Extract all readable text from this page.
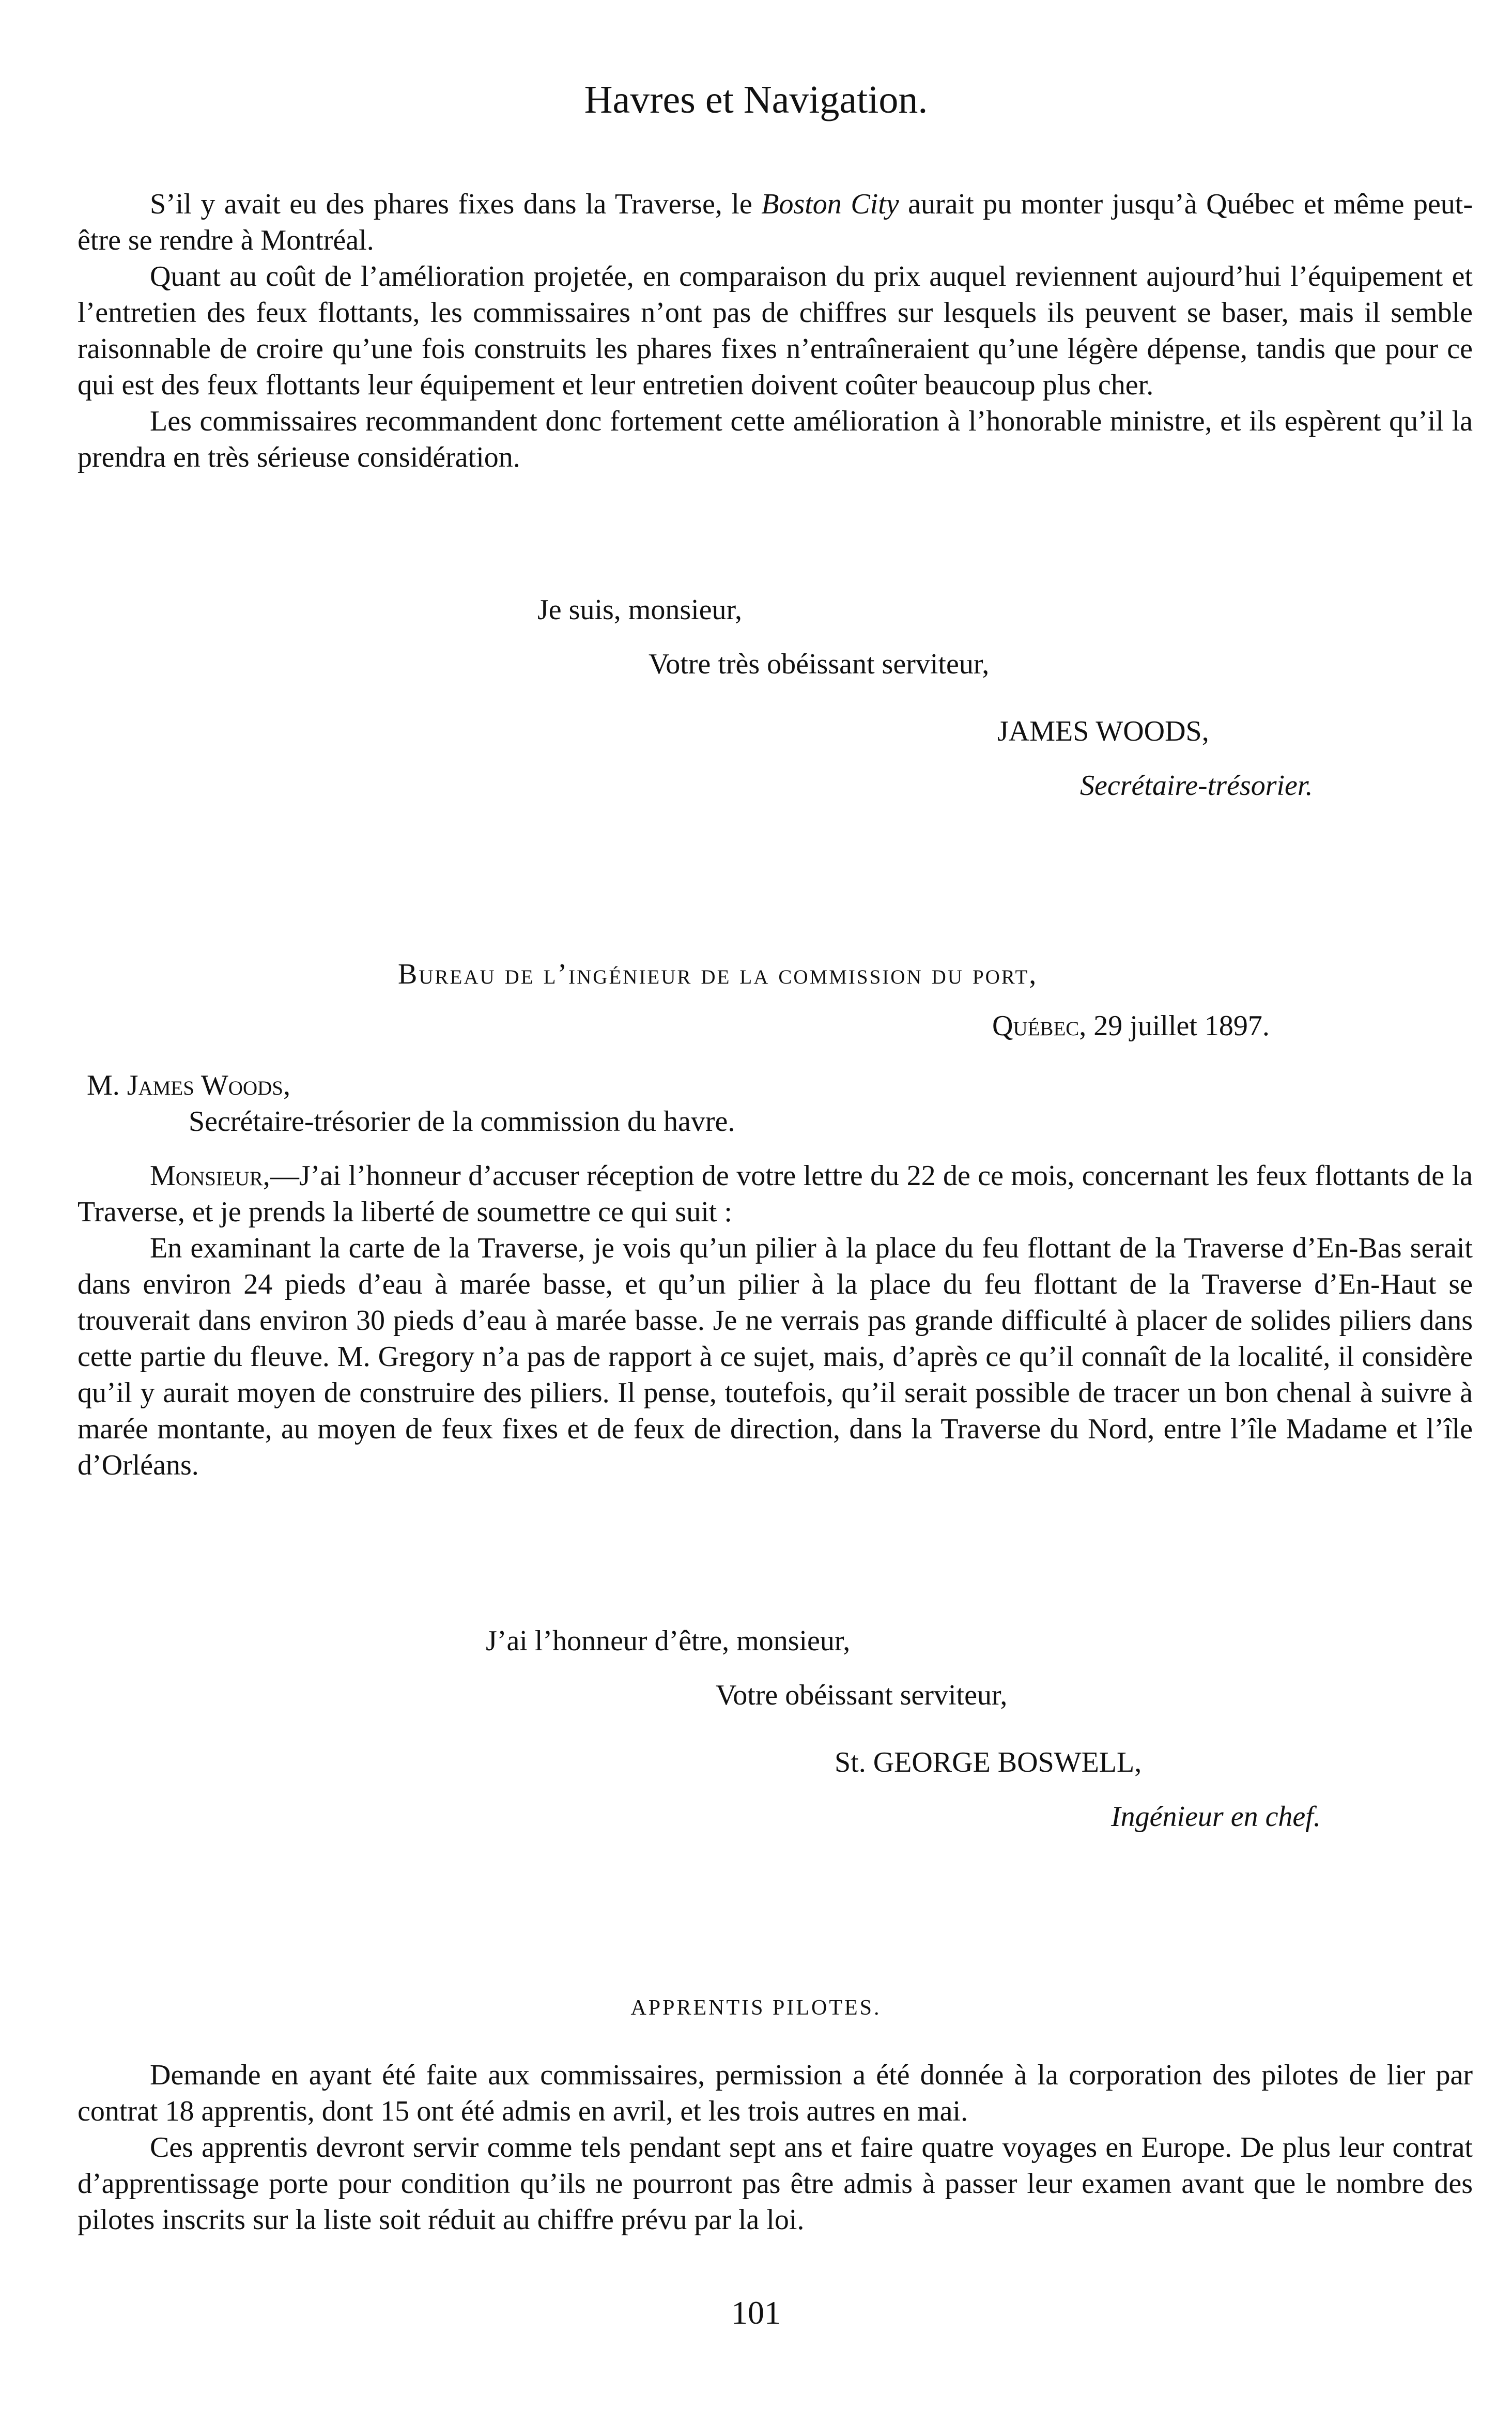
Havres et Navigation.

S’il y avait eu des phares fixes dans la Traverse, le Boston City aurait pu monter jusqu’à Québec et même peut-être se rendre à Montréal.

Quant au coût de l’amélioration projetée, en comparaison du prix auquel reviennent aujourd’hui l’équipement et l’entretien des feux flottants, les commissaires n’ont pas de chiffres sur lesquels ils peuvent se baser, mais il semble raisonnable de croire qu’une fois construits les phares fixes n’entraîneraient qu’une légère dépense, tandis que pour ce qui est des feux flottants leur équipement et leur entretien doivent coûter beaucoup plus cher.

Les commissaires recommandent donc fortement cette amélioration à l’honorable ministre, et ils espèrent qu’il la prendra en très sérieuse considération.

Je suis, monsieur,
Votre très obéissant serviteur,
JAMES WOODS,
Secrétaire-trésorier.
Bureau de l’ingénieur de la commission du port,
Québec, 29 juillet 1897.
M. James Woods,
Secrétaire-trésorier de la commission du havre.

Monsieur,—J’ai l’honneur d’accuser réception de votre lettre du 22 de ce mois, concernant les feux flottants de la Traverse, et je prends la liberté de soumettre ce qui suit :

En examinant la carte de la Traverse, je vois qu’un pilier à la place du feu flottant de la Traverse d’En-Bas serait dans environ 24 pieds d’eau à marée basse, et qu’un pilier à la place du feu flottant de la Traverse d’En-Haut se trouverait dans environ 30 pieds d’eau à marée basse. Je ne verrais pas grande difficulté à placer de solides piliers dans cette partie du fleuve. M. Gregory n’a pas de rapport à ce sujet, mais, d’après ce qu’il connaît de la localité, il considère qu’il y aurait moyen de construire des piliers. Il pense, toutefois, qu’il serait possible de tracer un bon chenal à suivre à marée montante, au moyen de feux fixes et de feux de direction, dans la Traverse du Nord, entre l’île Madame et l’île d’Orléans.

J’ai l’honneur d’être, monsieur,
Votre obéissant serviteur,
St. GEORGE BOSWELL,
Ingénieur en chef.
APPRENTIS PILOTES.

Demande en ayant été faite aux commissaires, permission a été donnée à la corporation des pilotes de lier par contrat 18 apprentis, dont 15 ont été admis en avril, et les trois autres en mai.

Ces apprentis devront servir comme tels pendant sept ans et faire quatre voyages en Europe. De plus leur contrat d’apprentissage porte pour condition qu’ils ne pourront pas être admis à passer leur examen avant que le nombre des pilotes inscrits sur la liste soit réduit au chiffre prévu par la loi.

101
